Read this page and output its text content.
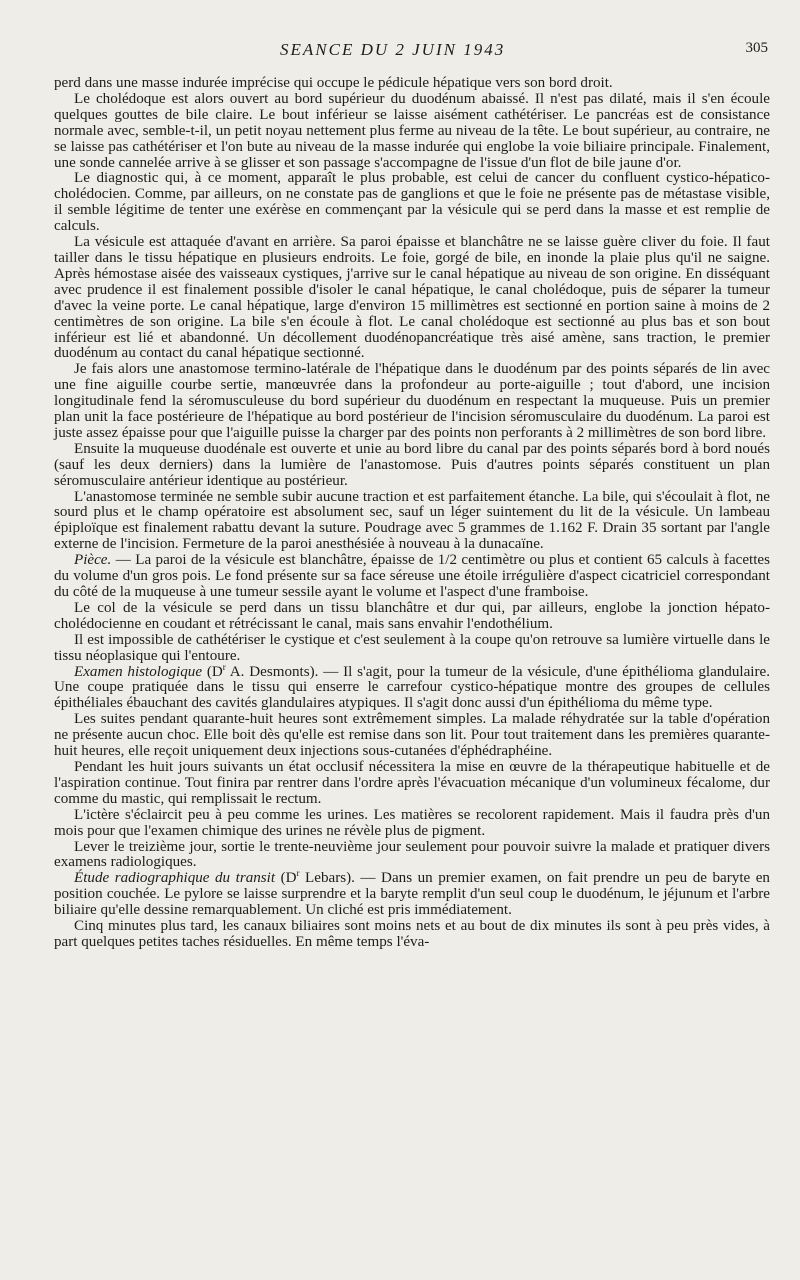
SEANCE DU 2 JUIN 1943	305

perd dans une masse indurée imprécise qui occupe le pédicule hépatique vers son bord droit.

Le cholédoque est alors ouvert au bord supérieur du duodénum abaissé. Il n'est pas dilaté, mais il s'en écoule quelques gouttes de bile claire. Le bout inférieur se laisse aisément cathétériser. Le pancréas est de consistance normale avec, semble-t-il, un petit noyau nettement plus ferme au niveau de la tête. Le bout supérieur, au contraire, ne se laisse pas cathétériser et l'on bute au niveau de la masse indurée qui englobe la voie biliaire principale. Finalement, une sonde cannelée arrive à se glisser et son passage s'accompagne de l'issue d'un flot de bile jaune d'or.

Le diagnostic qui, à ce moment, apparaît le plus probable, est celui de cancer du confluent cystico-hépatico-cholédocien. Comme, par ailleurs, on ne constate pas de ganglions et que le foie ne présente pas de métastase visible, il semble légitime de tenter une exérèse en commençant par la vésicule qui se perd dans la masse et est remplie de calculs.

La vésicule est attaquée d'avant en arrière. Sa paroi épaisse et blanchâtre ne se laisse guère cliver du foie. Il faut tailler dans le tissu hépatique en plusieurs endroits. Le foie, gorgé de bile, en inonde la plaie plus qu'il ne saigne. Après hémostase aisée des vaisseaux cystiques, j'arrive sur le canal hépatique au niveau de son origine. En disséquant avec prudence il est finalement possible d'isoler le canal hépatique, le canal cholédoque, puis de séparer la tumeur d'avec la veine porte. Le canal hépatique, large d'environ 15 millimètres est sectionné en portion saine à moins de 2 centimètres de son origine. La bile s'en écoule à flot. Le canal cholédoque est sectionné au plus bas et son bout inférieur est lié et abandonné. Un décollement duodénopancréatique très aisé amène, sans traction, le premier duodénum au contact du canal hépatique sectionné.

Je fais alors une anastomose termino-latérale de l'hépatique dans le duodénum par des points séparés de lin avec une fine aiguille courbe sertie, manœuvrée dans la profondeur au porte-aiguille ; tout d'abord, une incision longitudinale fend la séromusculeuse du bord supérieur du duodénum en respectant la muqueuse. Puis un premier plan unit la face postérieure de l'hépatique au bord postérieur de l'incision séromusculaire du duodénum. La paroi est juste assez épaisse pour que l'aiguille puisse la charger par des points non perforants à 2 millimètres de son bord libre.

Ensuite la muqueuse duodénale est ouverte et unie au bord libre du canal par des points séparés bord à bord noués (sauf les deux derniers) dans la lumière de l'anastomose. Puis d'autres points séparés constituent un plan séromusculaire antérieur identique au postérieur.

L'anastomose terminée ne semble subir aucune traction et est parfaitement étanche. La bile, qui s'écoulait à flot, ne sourd plus et le champ opératoire est absolument sec, sauf un léger suintement du lit de la vésicule. Un lambeau épiploïque est finalement rabattu devant la suture. Poudrage avec 5 grammes de 1.162 F. Drain 35 sortant par l'angle externe de l'incision. Fermeture de la paroi anesthésiée à nouveau à la dunacaïne.

Pièce. — La paroi de la vésicule est blanchâtre, épaisse de 1/2 centimètre ou plus et contient 65 calculs à facettes du volume d'un gros pois. Le fond présente sur sa face séreuse une étoile irrégulière d'aspect cicatriciel correspondant du côté de la muqueuse à une tumeur sessile ayant le volume et l'aspect d'une framboise.

Le col de la vésicule se perd dans un tissu blanchâtre et dur qui, par ailleurs, englobe la jonction hépato-cholédocienne en coudant et rétrécissant le canal, mais sans envahir l'endothélium.

Il est impossible de cathétériser le cystique et c'est seulement à la coupe qu'on retrouve sa lumière virtuelle dans le tissu néoplasique qui l'entoure.

Examen histologique ($D^r$ A. Desmonts). — Il s'agit, pour la tumeur de la vésicule, d'une épithélioma glandulaire. Une coupe pratiquée dans le tissu qui enserre le carrefour cystico-hépatique montre des groupes de cellules épithéliales ébauchant des cavités glandulaires atypiques. Il s'agit donc aussi d'un épithélioma du même type.

Les suites pendant quarante-huit heures sont extrêmement simples. La malade réhydratée sur la table d'opération ne présente aucun choc. Elle boit dès qu'elle est remise dans son lit. Pour tout traitement dans les premières quarante-huit heures, elle reçoit uniquement deux injections sous-cutanées d'éphédraphéine.

Pendant les huit jours suivants un état occlusif nécessitera la mise en œuvre de la thérapeutique habituelle et de l'aspiration continue. Tout finira par rentrer dans l'ordre après l'évacuation mécanique d'un volumineux fécalome, dur comme du mastic, qui remplissait le rectum.

L'ictère s'éclaircit peu à peu comme les urines. Les matières se recolorent rapidement. Mais il faudra près d'un mois pour que l'examen chimique des urines ne révèle plus de pigment.

Lever le treizième jour, sortie le trente-neuvième jour seulement pour pouvoir suivre la malade et pratiquer divers examens radiologiques.

Étude radiographique du transit ($D^r$ Lebars). — Dans un premier examen, on fait prendre un peu de baryte en position couchée. Le pylore se laisse surprendre et la baryte remplit d'un seul coup le duodénum, le jéjunum et l'arbre biliaire qu'elle dessine remarquablement. Un cliché est pris immédiatement.

Cinq minutes plus tard, les canaux biliaires sont moins nets et au bout de dix minutes ils sont à peu près vides, à part quelques petites taches résiduelles. En même temps l'éva-
